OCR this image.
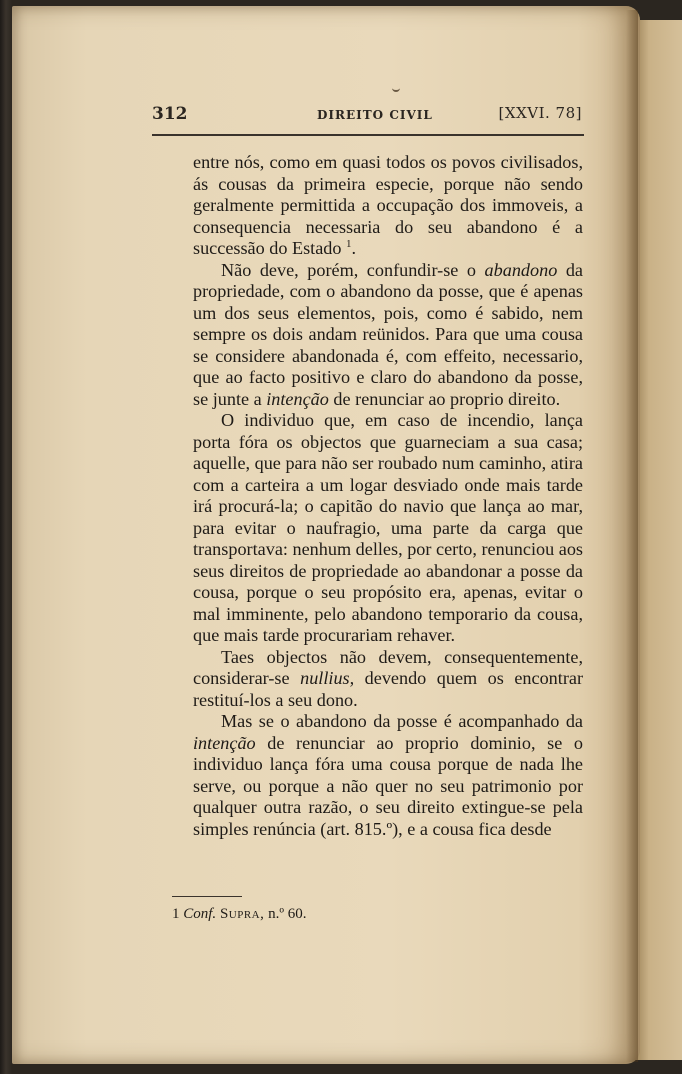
312	DIREITO CIVIL	[XXVI. 78]

entre nós, como em quasi todos os povos civilisados, ás cousas da primeira especie, porque não sendo geralmente permittida a occupação dos immoveis, a consequencia necessaria do seu abandono é a successão do Estado $^1$.

Não deve, porém, confundir-se o abandono da propriedade, com o abandono da posse, que é apenas um dos seus elementos, pois, como é sabido, nem sempre os dois andam reünidos. Para que uma cousa se considere abandonada é, com effeito, necessario, que ao facto positivo e claro do abandono da posse, se junte a intenção de renunciar ao proprio direito.

O individuo que, em caso de incendio, lança porta fóra os objectos que guarneciam a sua casa; aquelle, que para não ser roubado num caminho, atira com a carteira a um logar desviado onde mais tarde irá procurá-la; o capitão do navio que lança ao mar, para evitar o naufragio, uma parte da carga que transportava: nenhum delles, por certo, renunciou aos seus direitos de propriedade ao abandonar a posse da cousa, porque o seu propósito era, apenas, evitar o mal imminente, pelo abandono temporario da cousa, que mais tarde procurariam rehaver.

Taes objectos não devem, consequentemente, considerar-se nullius, devendo quem os encontrar restituí-los a seu dono.

Mas se o abandono da posse é acompanhado da intenção de renunciar ao proprio dominio, se o individuo lança fóra uma cousa porque de nada lhe serve, ou porque a não quer no seu patrimonio por qualquer outra razão, o seu direito extingue-se pela simples renúncia (art. 815.º), e a cousa fica desde

1 Conf. Supra, n.º 60.
